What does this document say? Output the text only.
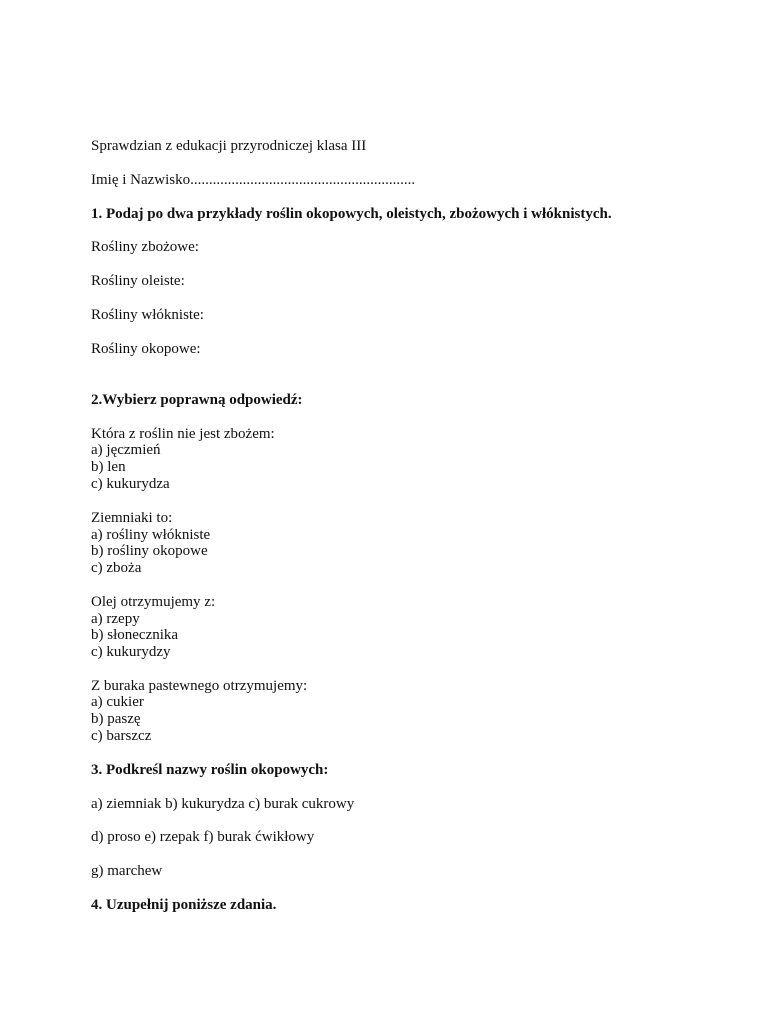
Sprawdzian z edukacji przyrodniczej klasa III
Imię i Nazwisko............................................................
1. Podaj po dwa przykłady roślin okopowych, oleistych, zbożowych i włóknistych.
Rośliny zbożowe:
Rośliny oleiste:
Rośliny włókniste:
Rośliny okopowe:
2.Wybierz poprawną odpowiedź:
Która z roślin nie jest zbożem:
a) jęczmień
b) len
c) kukurydza
Ziemniaki to:
a) rośliny włókniste
b) rośliny okopowe
c) zboża
Olej otrzymujemy z:
a) rzepy
b) słonecznika
c) kukurydzy
Z buraka pastewnego otrzymujemy:
a) cukier
b) paszę
c) barszcz
3. Podkreśl nazwy roślin okopowych:
a) ziemniak b) kukurydza c) burak cukrowy
d) proso e) rzepak f) burak ćwikłowy
g) marchew
4. Uzupełnij poniższe zdania.
